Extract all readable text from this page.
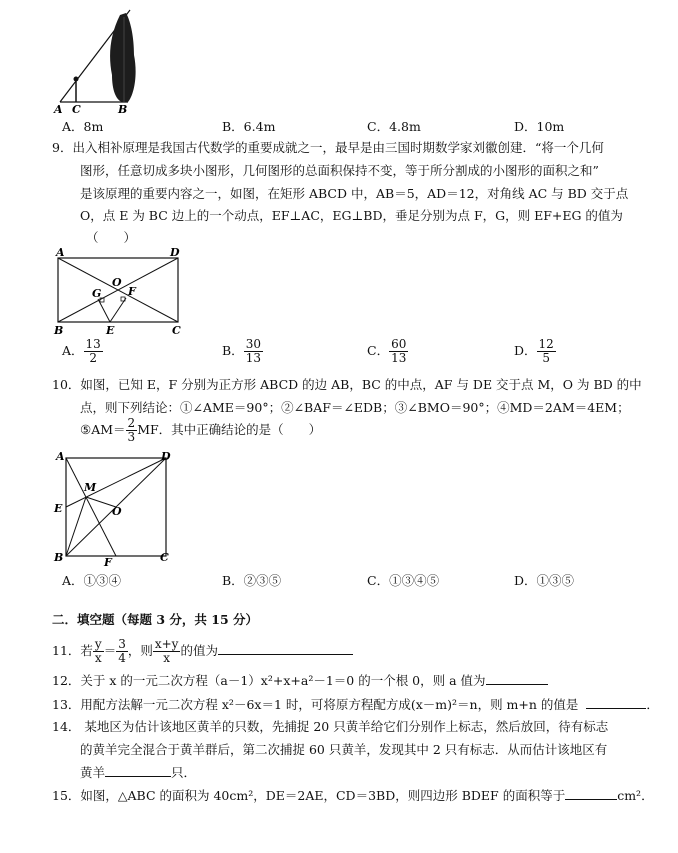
A C	B
A．8m	B．6.4m	C．4.8m	D．10m
9．出入相补原理是我国古代数学的重要成就之一，最早是由三国时期数学家刘徽创建．“将一个几何
图形，任意切成多块小图形，几何图形的总面积保持不变，等于所分割成的小图形的面积之和”
是该原理的重要内容之一，如图，在矩形 ABCD 中，AB＝5，AD＝12，对角线 AC 与 BD 交于点
O，点 E 为 BC 边上的一个动点，EF⊥AC，EG⊥BD，垂足分别为点 F，G，则 EF+EG 的值为
（　　）
A	D
O
G F
B	E	C
A． $\frac{13}{2}$	B． $\frac{30}{13}$	C． $\frac{60}{13}$	D． $\frac{12}{5}$
10．如图，已知 E，F 分别为正方形 ABCD 的边 AB，BC 的中点，AF 与 DE 交于点 M，O 为 BD 的中
点，则下列结论：①∠AME＝90°；②∠BAF＝∠EDB；③∠BMO＝90°；④MD＝2AM＝4EM；
⑤AM＝ $\frac{2}{3}$ MF．其中正确结论的是（　　）
A	D
M
E	O
B	F	C
A．①③④	B．②③⑤	C．①③④⑤	D．①③⑤
二．填空题（每题 3 分，共 15 分）
11．若 $\frac{y}{x} = \frac{3}{4}$ ，则 $\frac{x+y}{x}$ 的值为
12．关于 x 的一元二次方程（a－1）x²+x+a²－1＝0 的一个根 0，则 a 值为
13．用配方法解一元二次方程 x²－6x＝1 时，可将原方程配方成(x－m)²＝n，则 m+n 的值是	．
14． 某地区为估计该地区黄羊的只数，先捕捉 20 只黄羊给它们分别作上标志，然后放回，待有标志
的黄羊完全混合于黄羊群后，第二次捕捉 60 只黄羊，发现其中 2 只有标志．从而估计该地区有
黄羊	只．
15．如图，△ABC 的面积为 40cm²，DE＝2AE，CD＝3BD，则四边形 BDEF 的面积等于	cm²．
